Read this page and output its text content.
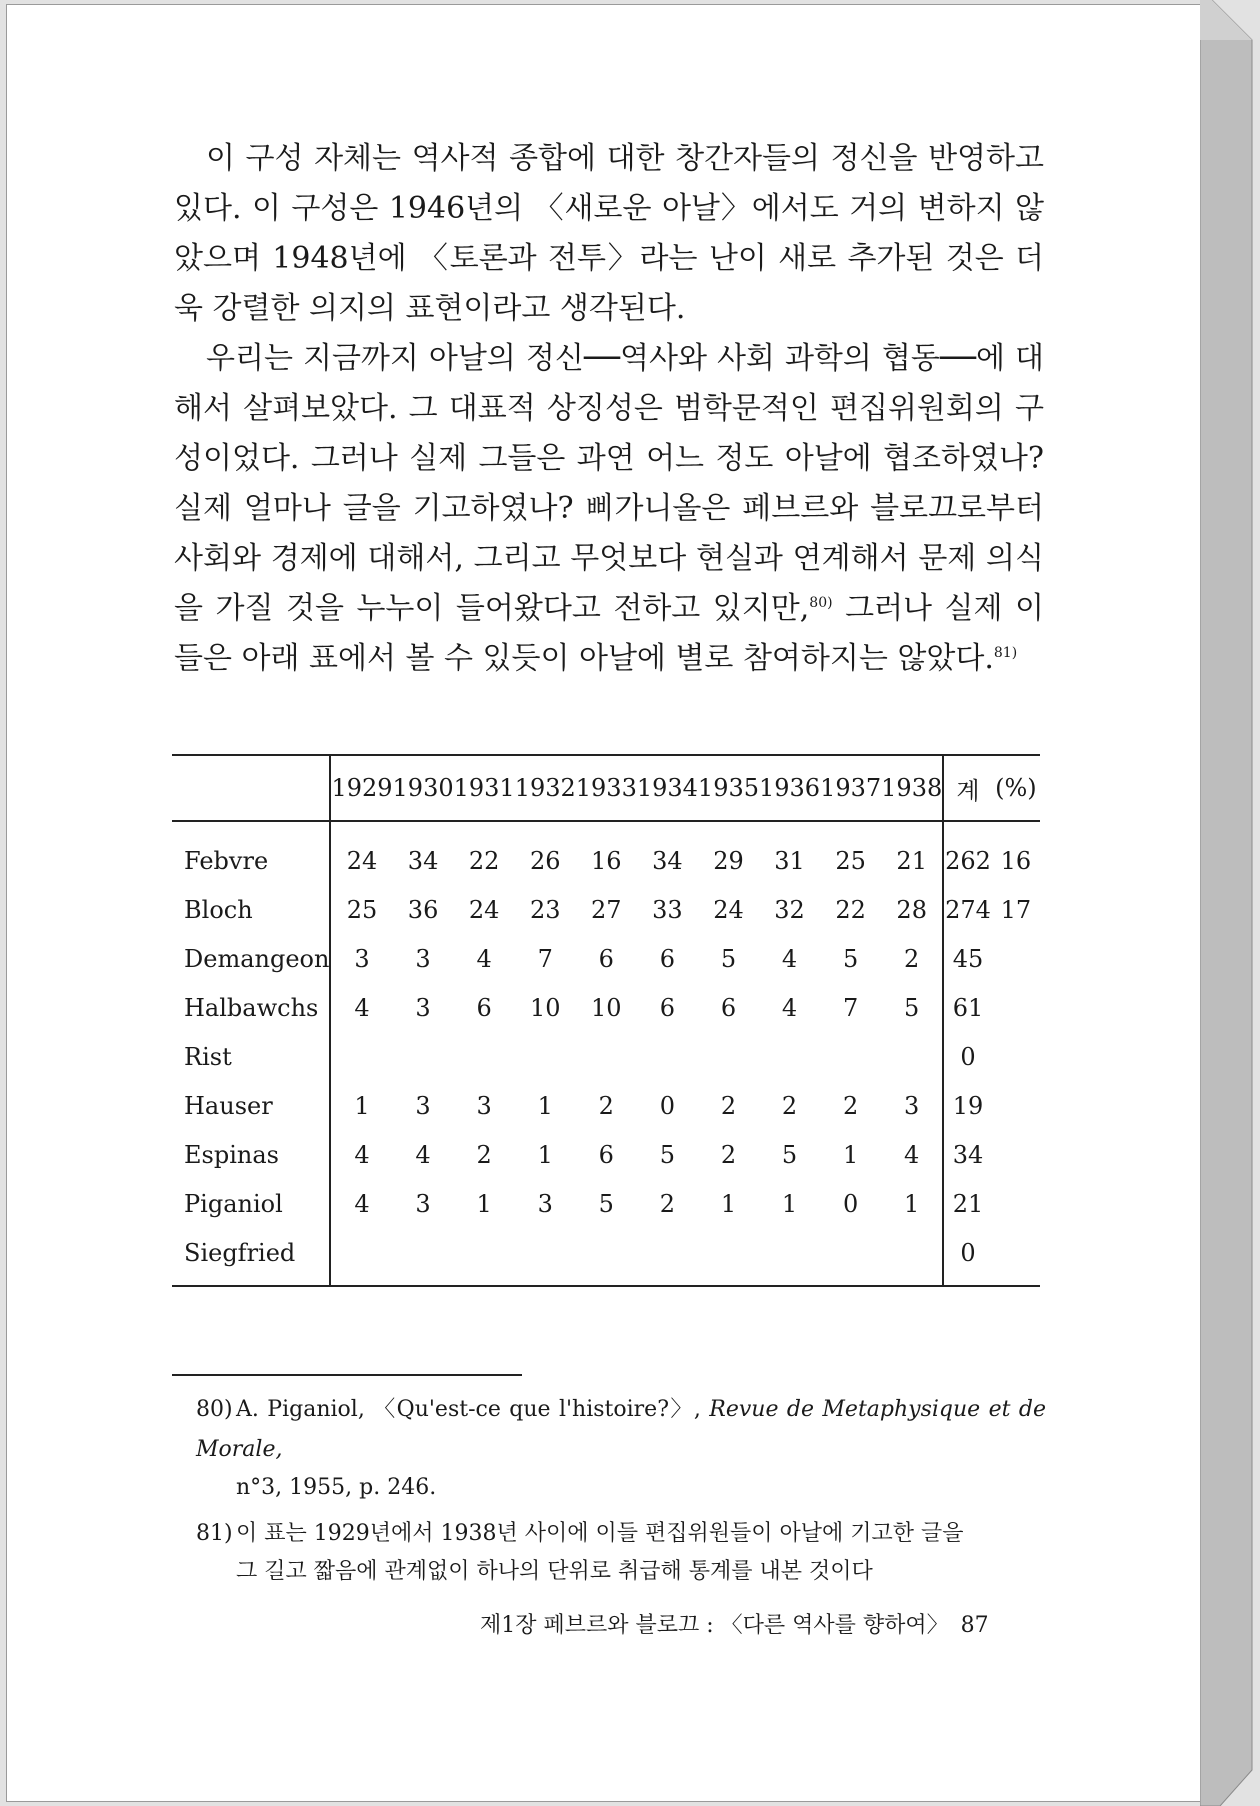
이 구성 자체는 역사적 종합에 대한 창간자들의 정신을 반영하고 있다. 이 구성은 1946년의 〈새로운 아날〉에서도 거의 변하지 않았으며 1948년에 〈토론과 전투〉라는 난이 새로 추가된 것은 더욱 강렬한 의지의 표현이라고 생각된다.

우리는 지금까지 아날의 정신──역사와 사회 과학의 협동──에 대해서 살펴보았다. 그 대표적 상징성은 범학문적인 편집위원회의 구성이었다. 그러나 실제 그들은 과연 어느 정도 아날에 협조하였나? 실제 얼마나 글을 기고하였나? 삐가니올은 페브르와 블로끄로부터 사회와 경제에 대해서, 그리고 무엇보다 현실과 연계해서 문제 의식을 가질 것을 누누이 들어왔다고 전하고 있지만,$^{80)}$ 그러나 실제 이들은 아래 표에서 볼 수 있듯이 아날에 별로 참여하지는 않았다.$^{81)}$

	1929	1930	1931	1932	1933	1934	1935	1936	1937	1938	계	(%)
Febvre	24	34	22	26	16	34	29	31	25	21	262	16
Bloch	25	36	24	23	27	33	24	32	22	28	274	17
Demangeon	3	3	4	7	6	6	5	4	5	2	45	
Halbawchs	4	3	6	10	10	6	6	4	7	5	61	
Rist											0	
Hauser	1	3	3	1	2	0	2	2	2	3	19	
Espinas	4	4	2	1	6	5	2	5	1	4	34	
Piganiol	4	3	1	3	5	2	1	1	0	1	21	
Siegfried											0	

80) A. Piganiol, 〈Qu'est-ce que l'histoire?〉, Revue de Metaphysique et de Morale,
n°3, 1955, p. 246.

81) 이 표는 1929년에서 1938년 사이에 이들 편집위원들이 아날에 기고한 글을
그 길고 짧음에 관계없이 하나의 단위로 취급해 통계를 내본 것이다

제1장 페브르와 블로끄 : 〈다른 역사를 향하여〉 87
